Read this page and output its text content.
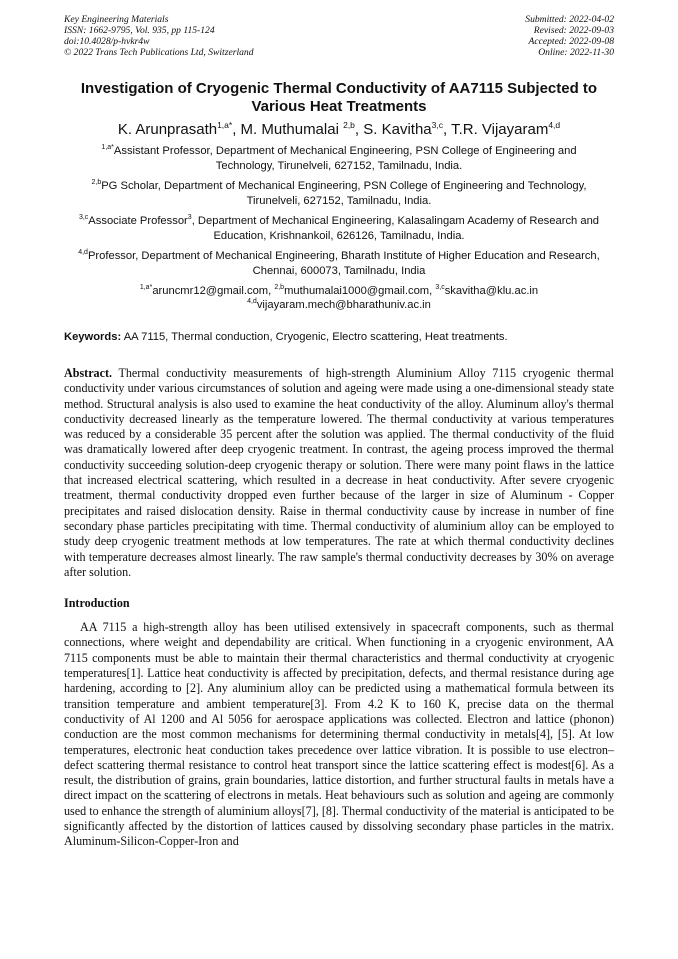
Key Engineering Materials
ISSN: 1662-9795, Vol. 935, pp 115-124
doi:10.4028/p-hvkr4w
© 2022 Trans Tech Publications Ltd, Switzerland
Submitted: 2022-04-02
Revised: 2022-09-03
Accepted: 2022-09-08
Online: 2022-11-30
Investigation of Cryogenic Thermal Conductivity of AA7115 Subjected to Various Heat Treatments
K. Arunprasath$^{1,a*}$, M. Muthumalai $^{2,b}$, S. Kavitha$^{3,c}$, T.R. Vijayaram$^{4,d}$
$^{1,a*}$Assistant Professor, Department of Mechanical Engineering, PSN College of Engineering and Technology, Tirunelveli, 627152, Tamilnadu, India.
$^{2,b}$PG Scholar, Department of Mechanical Engineering, PSN College of Engineering and Technology, Tirunelveli, 627152, Tamilnadu, India.
$^{3,c}$Associate Professor$^3$, Department of Mechanical Engineering, Kalasalingam Academy of Research and Education, Krishnankoil, 626126, Tamilnadu, India.
$^{4,d}$Professor, Department of Mechanical Engineering, Bharath Institute of Higher Education and Research, Chennai, 600073, Tamilnadu, India
$^{1,a*}$aruncmr12@gmail.com, $^{2,b}$muthumalai1000@gmail.com, $^{3,c}$skavitha@klu.ac.in
$^{4,d}$vijayaram.mech@bharathuniv.ac.in
Keywords: AA 7115, Thermal conduction, Cryogenic, Electro scattering, Heat treatments.
Abstract. Thermal conductivity measurements of high-strength Aluminium Alloy 7115 cryogenic thermal conductivity under various circumstances of solution and ageing were made using a one-dimensional steady state method. Structural analysis is also used to examine the heat conductivity of the alloy. Aluminum alloy's thermal conductivity decreased linearly as the temperature lowered. The thermal conductivity at various temperatures was reduced by a considerable 35 percent after the solution was applied. The thermal conductivity of the fluid was dramatically lowered after deep cryogenic treatment. In contrast, the ageing process improved the thermal conductivity succeeding solution-deep cryogenic therapy or solution. There were many point flaws in the lattice that increased electrical scattering, which resulted in a decrease in heat conductivity. After severe cryogenic treatment, thermal conductivity dropped even further because of the larger in size of Aluminum - Copper precipitates and raised dislocation density. Raise in thermal conductivity cause by increase in number of fine secondary phase particles precipitating with time. Thermal conductivity of aluminium alloy can be employed to study deep cryogenic treatment methods at low temperatures. The rate at which thermal conductivity declines with temperature decreases almost linearly. The raw sample's thermal conductivity decreases by 30% on average after solution.
Introduction
AA 7115 a high-strength alloy has been utilised extensively in spacecraft components, such as thermal connections, where weight and dependability are critical. When functioning in a cryogenic environment, AA 7115 components must be able to maintain their thermal characteristics and thermal conductivity at cryogenic temperatures[1]. Lattice heat conductivity is affected by precipitation, defects, and thermal resistance during age hardening, according to [2]. Any aluminium alloy can be predicted using a mathematical formula between its transition temperature and ambient temperature[3]. From 4.2 K to 160 K, precise data on the thermal conductivity of Al 1200 and Al 5056 for aerospace applications was collected. Electron and lattice (phonon) conduction are the most common mechanisms for determining thermal conductivity in metals[4], [5]. At low temperatures, electronic heat conduction takes precedence over lattice vibration. It is possible to use electron–defect scattering thermal resistance to control heat transport since the lattice scattering effect is modest[6]. As a result, the distribution of grains, grain boundaries, lattice distortion, and further structural faults in metals have a direct impact on the scattering of electrons in metals. Heat behaviours such as solution and ageing are commonly used to enhance the strength of aluminium alloys[7], [8]. Thermal conductivity of the material is anticipated to be significantly affected by the distortion of lattices caused by dissolving secondary phase particles in the matrix. Aluminum-Silicon-Copper-Iron and
